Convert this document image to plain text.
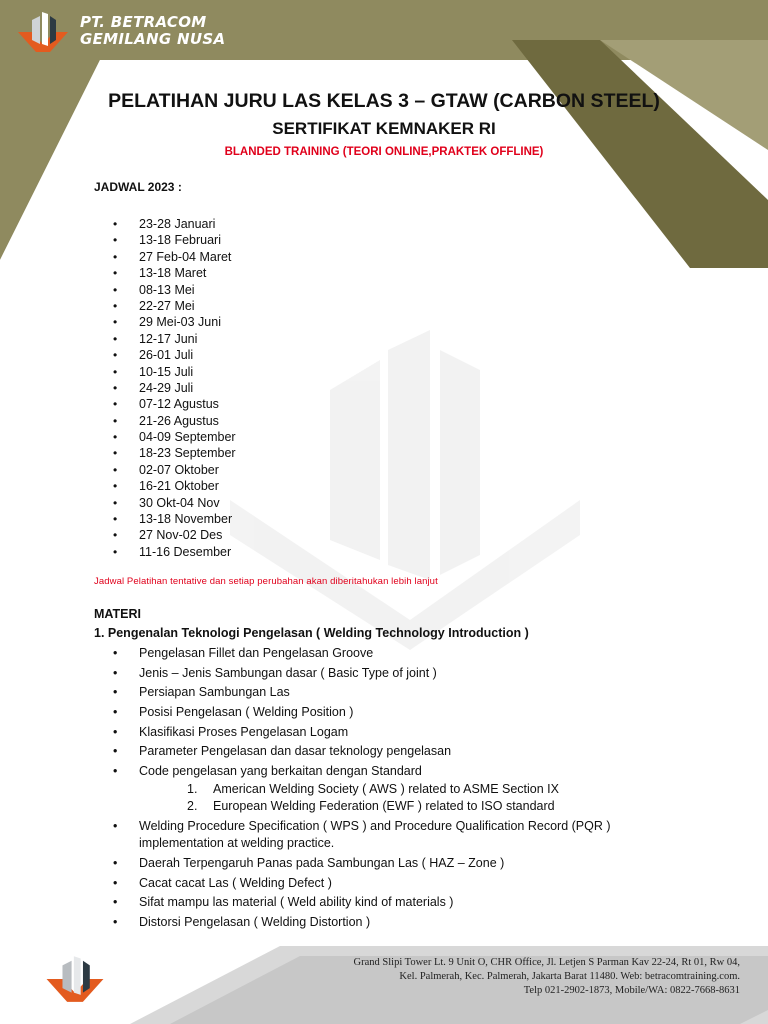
PT. BETRACOM
GEMILANG NUSA
PELATIHAN JURU LAS KELAS 3 – GTAW (CARBON STEEL)
SERTIFIKAT KEMNAKER RI
BLANDED TRAINING (TEORI ONLINE,PRAKTEK OFFLINE)
JADWAL 2023 :
• 23-28 Januari
• 13-18 Februari
• 27 Feb-04 Maret
• 13-18 Maret
• 08-13 Mei
• 22-27 Mei
• 29 Mei-03 Juni
• 12-17 Juni
• 26-01 Juli
• 10-15 Juli
• 24-29 Juli
• 07-12 Agustus
• 21-26 Agustus
• 04-09 September
• 18-23 September
• 02-07 Oktober
• 16-21 Oktober
• 30 Okt-04 Nov
• 13-18 November
• 27 Nov-02 Des
• 11-16 Desember
Jadwal Pelatihan tentative dan setiap perubahan akan diberitahukan lebih lanjut
MATERI
1. Pengenalan Teknologi Pengelasan ( Welding Technology Introduction )
• Pengelasan Fillet dan Pengelasan Groove
• Jenis – Jenis Sambungan dasar ( Basic Type of joint )
• Persiapan Sambungan Las
• Posisi Pengelasan ( Welding Position )
• Klasifikasi Proses Pengelasan Logam
• Parameter Pengelasan dan dasar teknology pengelasan
• Code pengelasan yang berkaitan dengan Standard
1. American Welding Society ( AWS ) related to ASME Section IX
2. European Welding Federation (EWF ) related to ISO standard
• Welding Procedure Specification ( WPS ) and Procedure Qualification Record (PQR ) implementation at welding practice.
• Daerah Terpengaruh Panas pada Sambungan Las ( HAZ – Zone )
• Cacat cacat Las ( Welding Defect )
• Sifat mampu las material ( Weld ability kind of materials )
• Distorsi Pengelasan ( Welding Distortion )
Grand Slipi Tower Lt. 9 Unit O, CHR Office, Jl. Letjen S Parman Kav 22-24, Rt 01, Rw 04,
Kel. Palmerah, Kec. Palmerah, Jakarta Barat 11480. Web: betracomtraining.com.
Telp 021-2902-1873, Mobile/WA: 0822-7668-8631
